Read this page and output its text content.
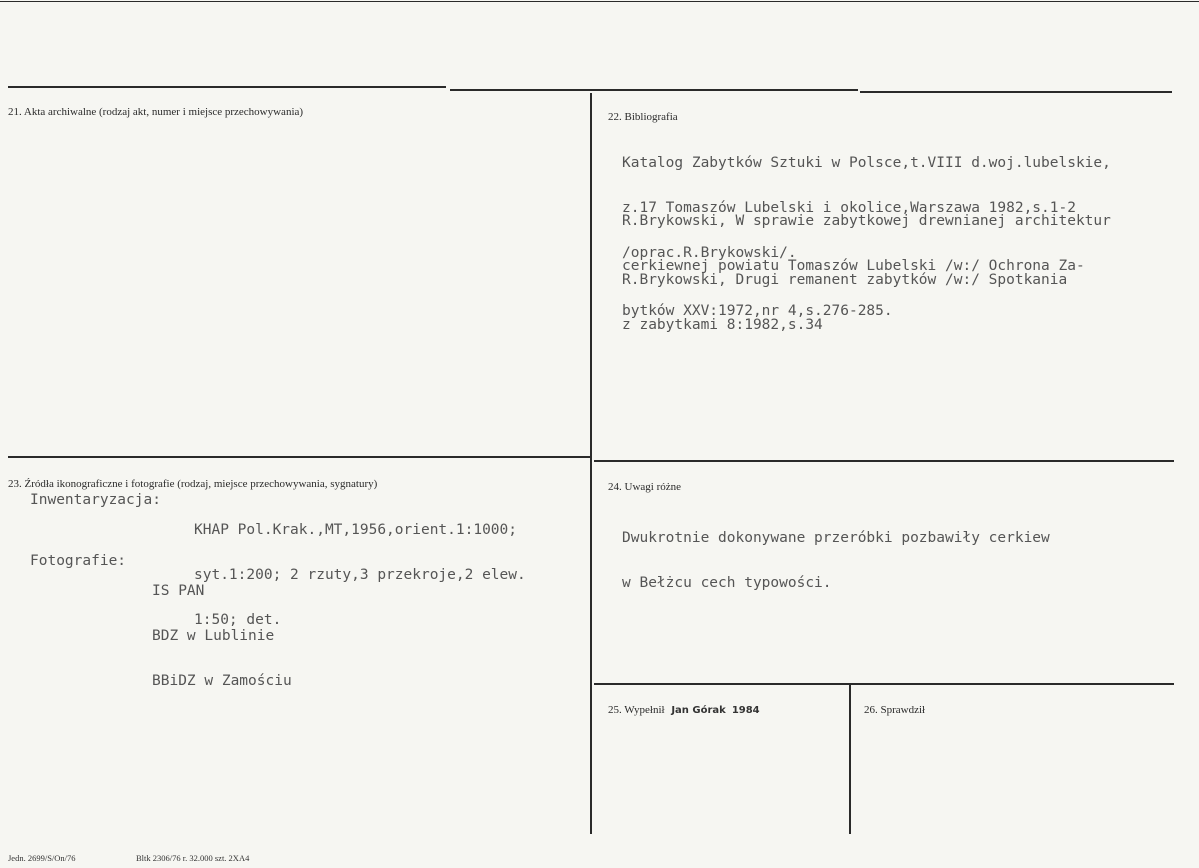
21. Akta archiwalne (rodzaj akt, numer i miejsce przechowywania)	22. Bibliografia

Katalog Zabytków Sztuki w Polsce,t.VIII d.woj.lubelskie,

z.17 Tomaszów Lubelski i okolice,Warszawa 1982,s.1-2

/oprac.R.Brykowski/.

R.Brykowski, W sprawie zabytkowej drewnianej architektur

cerkiewnej powiatu Tomaszów Lubelski /w:/ Ochrona Za-

bytków XXV:1972,nr 4,s.276-285.

R.Brykowski, Drugi remanent zabytków /w:/ Spotkania

z zabytkami 8:1982,s.34

23. Źródła ikonograficzne i fotografie (rodzaj, miejsce przechowywania, sygnatury)
Inwentaryzacja:

KHAP Pol.Krak.,MT,1956,orient.1:1000;

syt.1:200; 2 rzuty,3 przekroje,2 elew.

1:50; det.

Fotografie:

IS PAN

BDZ w Lublinie

BBiDZ w Zamościu

24. Uwagi różne

Dwukrotnie dokonywane przeróbki pozbawiły cerkiew

w Bełżcu cech typowości.

25. Wypełnił Jan Górak 1984	26. Sprawdził
Jedn. 2699/S/On/76	Bltk 2306/76 r. 32.000 szt. 2XA4
